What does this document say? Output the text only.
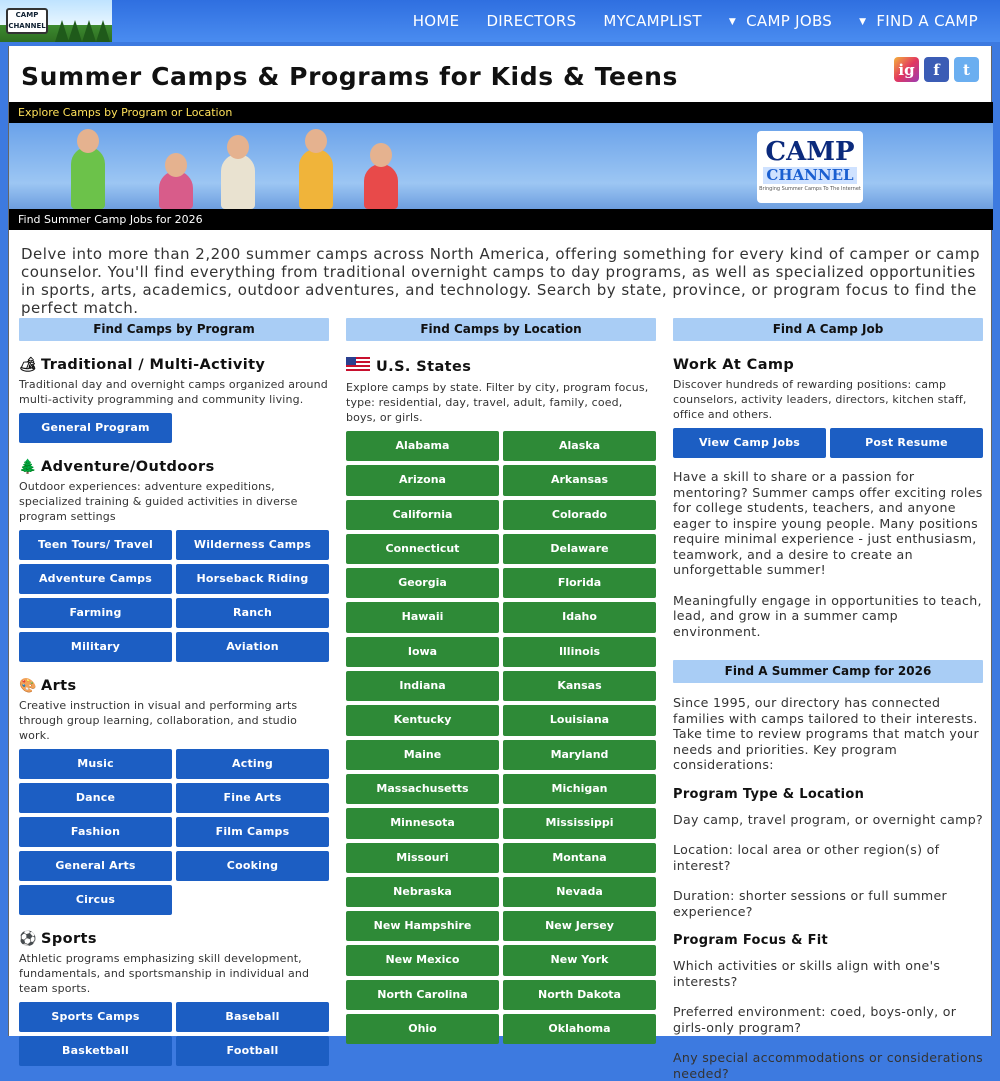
CAMP CHANNEL	HOME DIRECTORS MYCAMPLIST	▼ CAMP JOBS	▼ FIND A CAMP
Summer Camps & Programs for Kids & Teens	ig f t
Explore Camps by Program or Location
CAMP
CHANNEL
Bringing Summer Camps To The Internet
Find Summer Camp Jobs for 2026
Delve into more than 2,200 summer camps across North America, offering something for every kind of camper or camp counselor. You'll find everything from traditional overnight camps to day programs, as well as specialized opportunities in sports, arts, academics, outdoor adventures, and technology. Search by state, province, or program focus to find the perfect match.
Find Camps by Program
🏕 Traditional / Multi-Activity
Traditional day and overnight camps organized around multi-activity programming and community living.
General Program
🌲 Adventure/Outdoors
Outdoor experiences: adventure expeditions, specialized training & guided activities in diverse program settings
Teen Tours/ Travel	Wilderness Camps
Adventure Camps	Horseback Riding
Farming	Ranch
Military	Aviation
🎨 Arts
Creative instruction in visual and performing arts through group learning, collaboration, and studio work.
Music	Acting
Dance	Fine Arts
Fashion	Film Camps
General Arts	Cooking
Circus
⚽ Sports
Athletic programs emphasizing skill development, fundamentals, and sportsmanship in individual and team sports.
Sports Camps	Baseball
Basketball	Football
Find Camps by Location
U.S. States
Explore camps by state. Filter by city, program focus, type: residential, day, travel, adult, family, coed, boys, or girls.
Alabama	Alaska
Arizona	Arkansas
California	Colorado
Connecticut	Delaware
Georgia	Florida
Hawaii	Idaho
Iowa	Illinois
Indiana	Kansas
Kentucky	Louisiana
Maine	Maryland
Massachusetts	Michigan
Minnesota	Mississippi
Missouri	Montana
Nebraska	Nevada
New Hampshire	New Jersey
New Mexico	New York
North Carolina	North Dakota
Ohio	Oklahoma
Find A Camp Job
Work At Camp
Discover hundreds of rewarding positions: camp counselors, activity leaders, directors, kitchen staff, office and others.
View Camp Jobs	Post Resume
Have a skill to share or a passion for mentoring? Summer camps offer exciting roles for college students, teachers, and anyone eager to inspire young people. Many positions require minimal experience - just enthusiasm, teamwork, and a desire to create an unforgettable summer!
Meaningfully engage in opportunities to teach, lead, and grow in a summer camp environment.
Find A Summer Camp for 2026
Since 1995, our directory has connected families with camps tailored to their interests. Take time to review programs that match your needs and priorities. Key program considerations:
Program Type & Location
Day camp, travel program, or overnight camp?
Location: local area or other region(s) of interest?
Duration: shorter sessions or full summer experience?
Program Focus & Fit
Which activities or skills align with one's interests?
Preferred environment: coed, boys-only, or girls-only program?
Any special accommodations or considerations needed?
